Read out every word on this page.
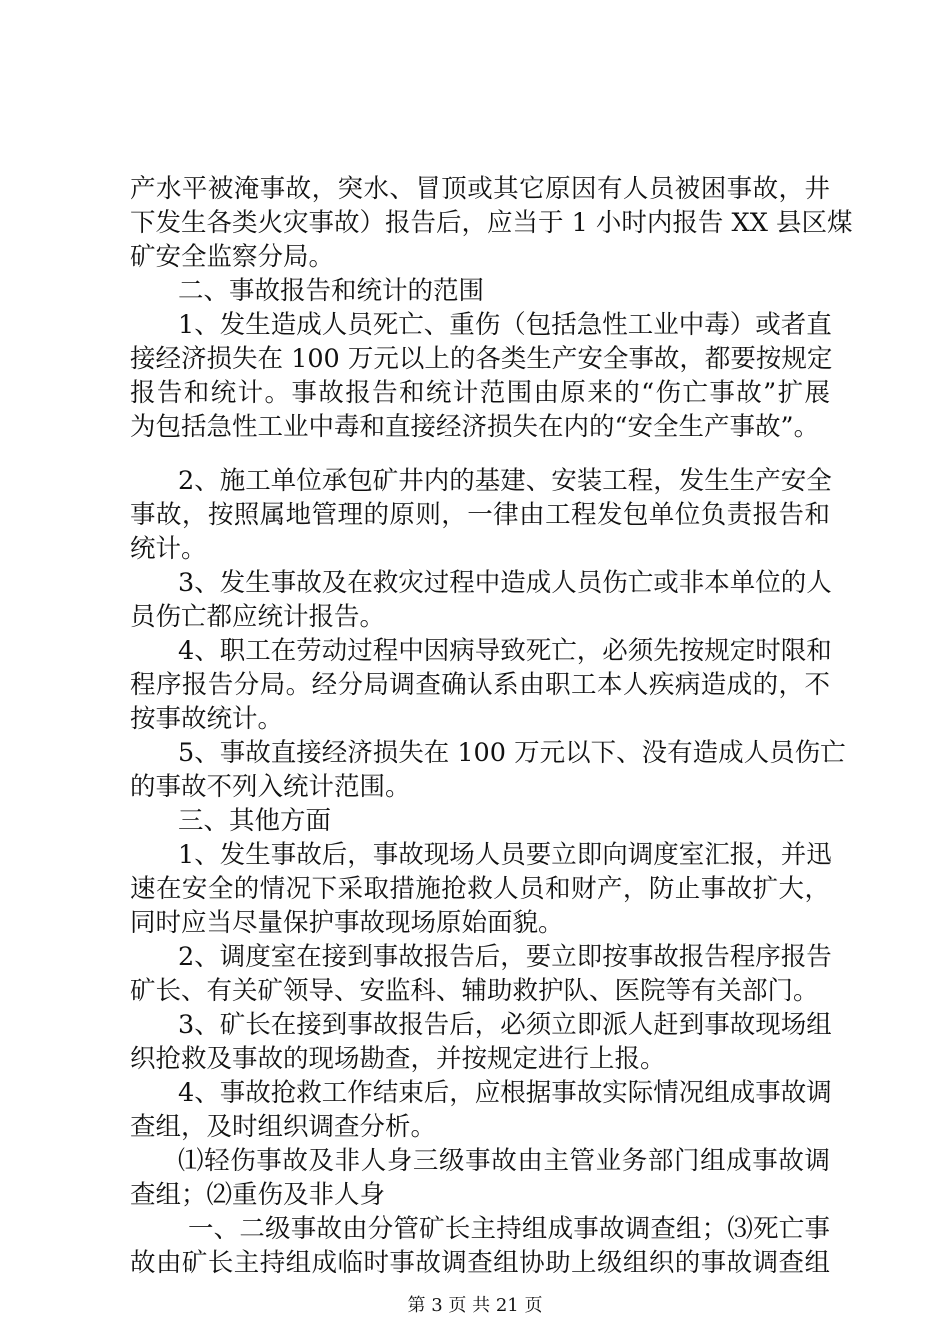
产水平被淹事故，突水、冒顶或其它原因有人员被困事故，井
下发生各类火灾事故）报告后，应当于 1 小时内报告 XX 县区煤
矿安全监察分局。
二、事故报告和统计的范围
1、发生造成人员死亡、重伤（包括急性工业中毒）或者直
接经济损失在 100 万元以上的各类生产安全事故，都要按规定
报告和统计。事故报告和统计范围由原来的“伤亡事故”扩展
为包括急性工业中毒和直接经济损失在内的“安全生产事故”。
2、施工单位承包矿井内的基建、安装工程，发生生产安全
事故，按照属地管理的原则，一律由工程发包单位负责报告和
统计。
3、发生事故及在救灾过程中造成人员伤亡或非本单位的人
员伤亡都应统计报告。
4、职工在劳动过程中因病导致死亡，必须先按规定时限和
程序报告分局。经分局调查确认系由职工本人疾病造成的，不
按事故统计。
5、事故直接经济损失在 100 万元以下、没有造成人员伤亡
的事故不列入统计范围。
三、其他方面
1、发生事故后，事故现场人员要立即向调度室汇报，并迅
速在安全的情况下采取措施抢救人员和财产，防止事故扩大，
同时应当尽量保护事故现场原始面貌。
2、调度室在接到事故报告后，要立即按事故报告程序报告
矿长、有关矿领导、安监科、辅助救护队、医院等有关部门。
3、矿长在接到事故报告后，必须立即派人赶到事故现场组
织抢救及事故的现场勘查，并按规定进行上报。
4、事故抢救工作结束后，应根据事故实际情况组成事故调
查组，及时组织调查分析。
⑴轻伤事故及非人身三级事故由主管业务部门组成事故调
查组；⑵重伤及非人身
一、二级事故由分管矿长主持组成事故调查组；⑶死亡事
故由矿长主持组成临时事故调查组协助上级组织的事故调查组
第 3 页 共 21 页
